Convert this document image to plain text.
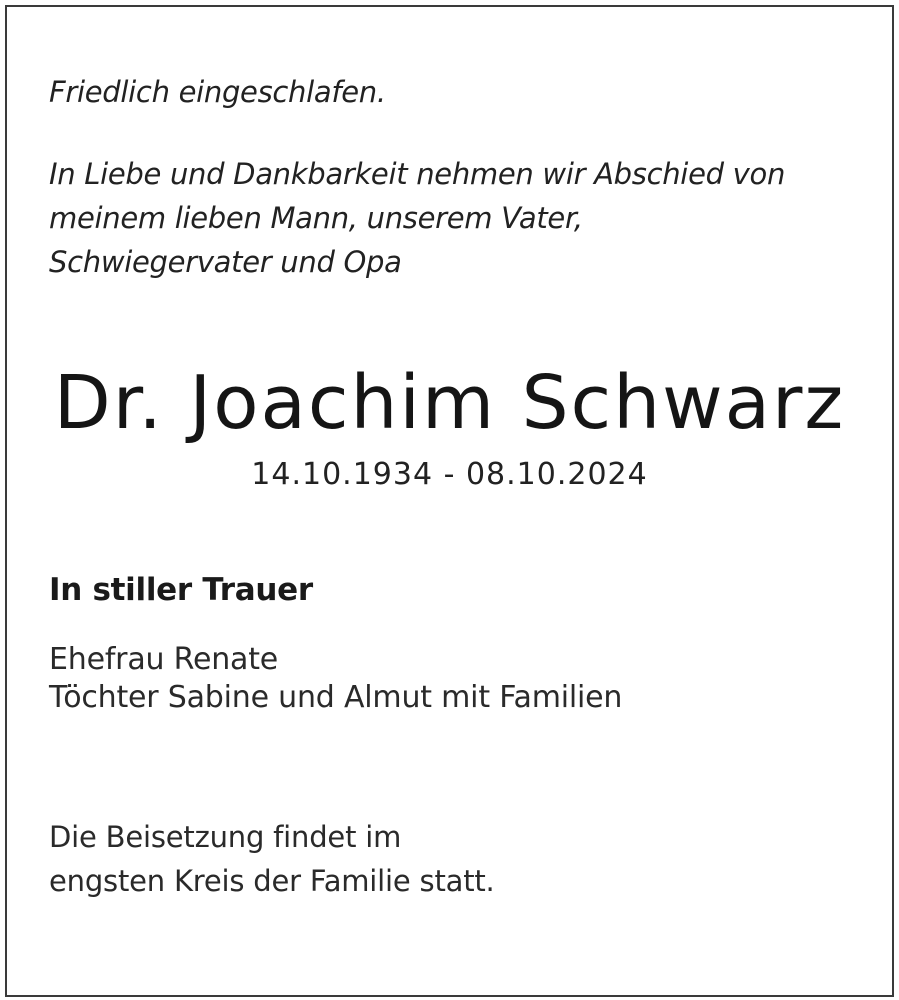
Friedlich eingeschlafen.

In Liebe und Dankbarkeit nehmen wir Abschied von

meinem lieben Mann, unserem Vater,

Schwiegervater und Opa

Dr. Joachim Schwarz

14.10.1934 - 08.10.2024

In stiller Trauer

Ehefrau Renate

Töchter Sabine und Almut mit Familien

Die Beisetzung findet im

engsten Kreis der Familie statt.
